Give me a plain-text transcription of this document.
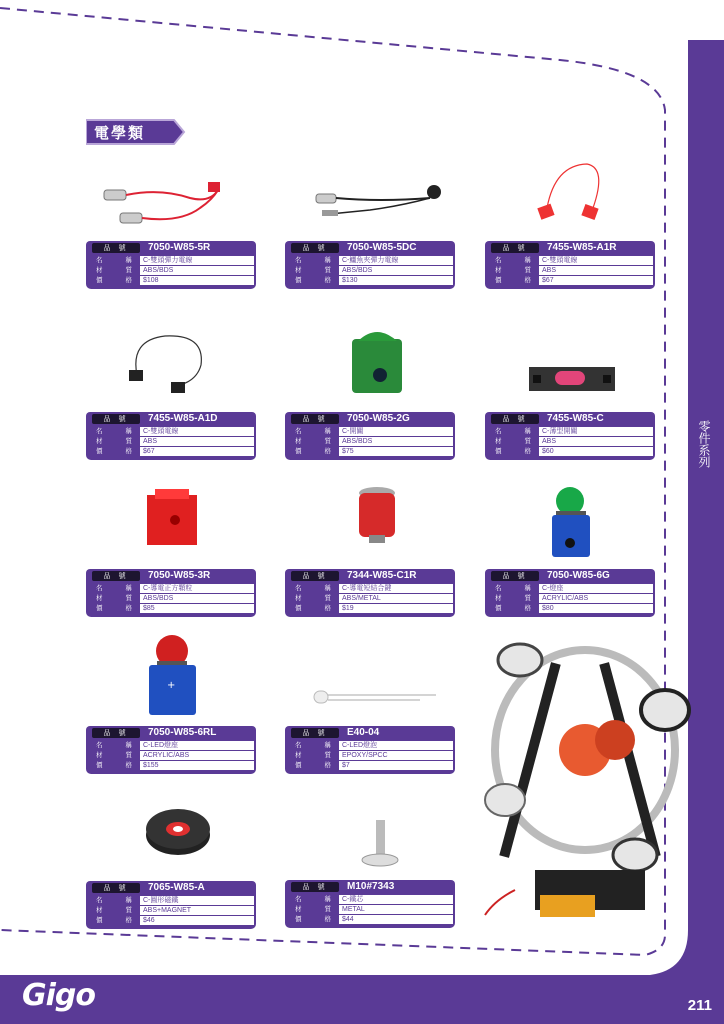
Gigo
Gigo
零件系列
211
電學類
+
品 號	7050-W85-5R
名	稱	C-雙頭彈力電線
材	質	ABS/BDS
價	格	$108
品 號	7050-W85-5DC
名	稱	C-鱷魚夾彈力電線
材	質	ABS/BDS
價	格	$130
品 號	7455-W85-A1R
名	稱	C-雙頭電線
材	質	ABS
價	格	$67
品 號	7455-W85-A1D
名	稱	C-雙頭電線
材	質	ABS
價	格	$67
品 號	7050-W85-2G
名	稱	C-開關
材	質	ABS/BDS
價	格	$75
品 號	7455-W85-C
名	稱	C-薄型開關
材	質	ABS
價	格	$60
品 號	7050-W85-3R
名	稱	C-導電正方顆粒
材	質	ABS/BDS
價	格	$85
品 號	7344-W85-C1R
名	稱	C-導電短結合鍵
材	質	ABS/METAL
價	格	$19
品 號	7050-W85-6G
名	稱	C-燈座
材	質	ACRYLIC/ABS
價	格	$80
品 號	7050-W85-6RL
名	稱	C-LED燈座
材	質	ACRYLIC/ABS
價	格	$155
品 號	E40-04
名	稱	C-LED燈泡
材	質	EPOXY/SPCC
價	格	$7
品 號	7065-W85-A
名	稱	C-圓形磁鐵
材	質	ABS+MAGNET
價	格	$46
品 號	M10#7343
名	稱	C-鐵芯
材	質	METAL
價	格	$44
